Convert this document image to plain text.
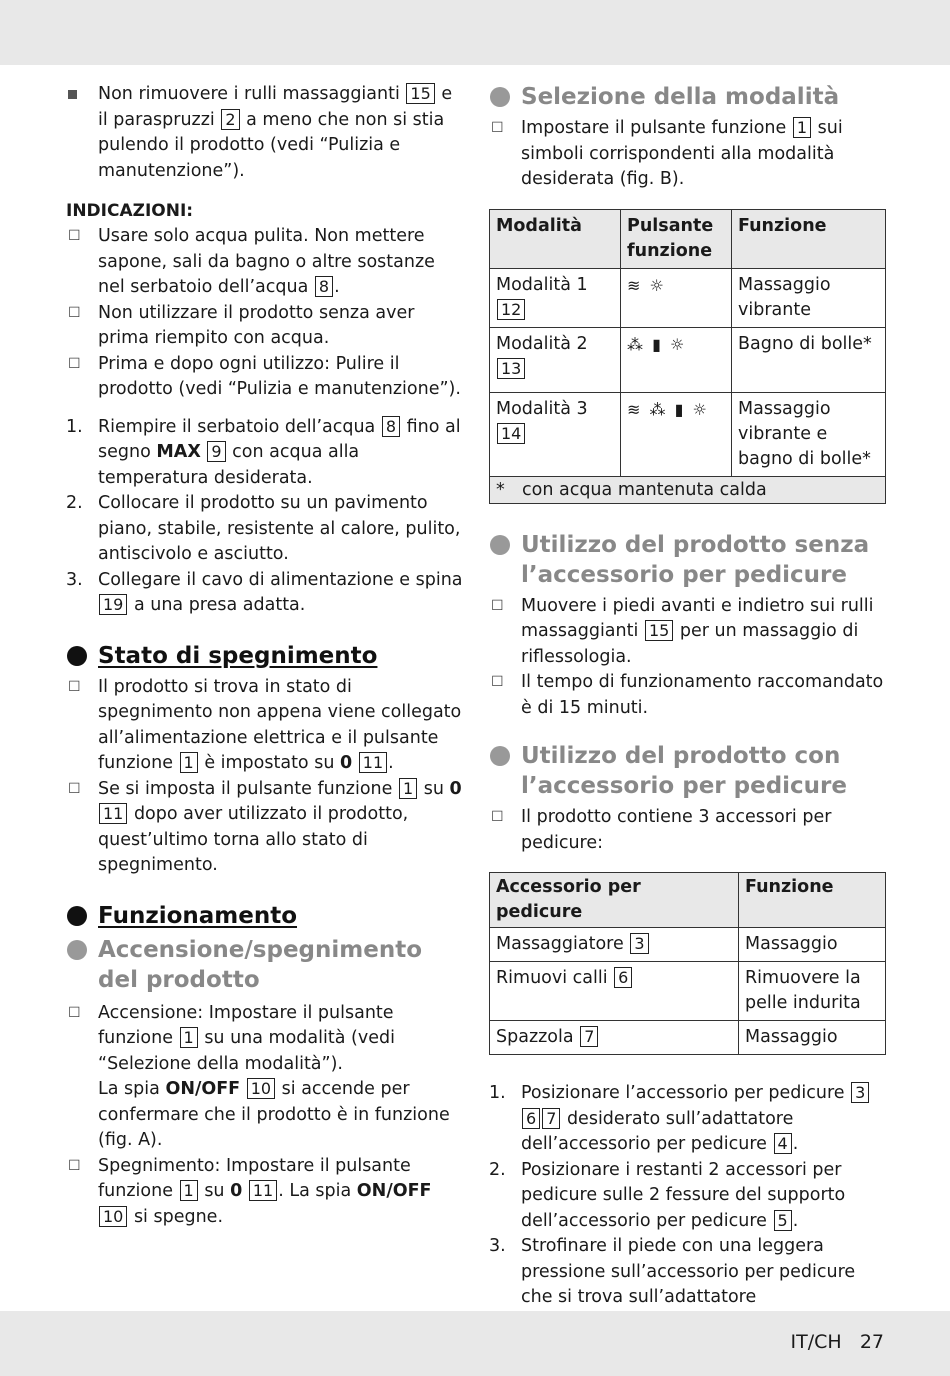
Non rimuovere i rulli massaggianti 15 e il paraspruzzi 2 a meno che non si stia pulendo il prodotto (vedi “Pulizia e manutenzione”).

INDICAZIONI:

☐ Usare solo acqua pulita. Non mettere sapone, sali da bagno o altre sostanze nel serbatoio dell’acqua 8 .
☐ Non utilizzare il prodotto senza aver prima riempito con acqua.
☐ Prima e dopo ogni utilizzo: Pulire il prodotto (vedi “Pulizia e manutenzione”).
1. Riempire il serbatoio dell’acqua 8 fino al segno MAX 9 con acqua alla temperatura desiderata.
2. Collocare il prodotto su un pavimento piano, stabile, resistente al calore, pulito, antiscivolo e asciutto.
3. Collegare il cavo di alimentazione e spina 19 a una presa adatta.
Stato di spegnimento
☐ Il prodotto si trova in stato di spegnimento non appena viene collegato all’alimentazione elettrica e il pulsante funzione 1 è impostato su 0 11 .
☐ Se si imposta il pulsante funzione 1 su 0 11 dopo aver utilizzato il prodotto, quest’ultimo torna allo stato di spegnimento.
Funzionamento
Accensione/spegnimento del prodotto
☐ Accensione: Impostare il pulsante funzione 1 su una modalità (vedi “Selezione della modalità”).
La spia ON/OFF 10 si accende per confermare che il prodotto è in funzione (fig. A).
☐ Spegnimento: Impostare il pulsante funzione 1 su 0 11 . La spia ON/OFF 10 si spegne.
Selezione della modalità
☐ Impostare il pulsante funzione 1 sui simboli corrispondenti alla modalità desiderata (fig. B).
Modalità	Pulsante funzione	Funzione
Modalità 1 12	≋ ☼	Massaggio vibrante
Modalità 2 13	⁂ ▮ ☼	Bagno di bolle*
Modalità 3 14	≋ ⁂ ▮ ☼	Massaggio vibrante e bagno di bolle*
* con acqua mantenuta calda		
Utilizzo del prodotto senza l’accessorio per pedicure
☐ Muovere i piedi avanti e indietro sui rulli massaggianti 15 per un massaggio di riflessologia.
☐ Il tempo di funzionamento raccomandato è di 15 minuti.
Utilizzo del prodotto con l’accessorio per pedicure
☐ Il prodotto contiene 3 accessori per pedicure:
Accessorio per pedicure	Funzione
Massaggiatore 3	Massaggio
Rimuovi calli 6	Rimuovere la pelle indurita
Spazzola 7	Massaggio
1. Posizionare l’accessorio per pedicure 36 7 desiderato sull’adattatore dell’accessorio per pedicure 4 .
2. Posizionare i restanti 2 accessori per pedicure sulle 2 fessure del supporto dell’accessorio per pedicure 5 .
3. Strofinare il piede con una leggera pressione sull’accessorio per pedicure che si trova sull’adattatore
IT/CH 27
